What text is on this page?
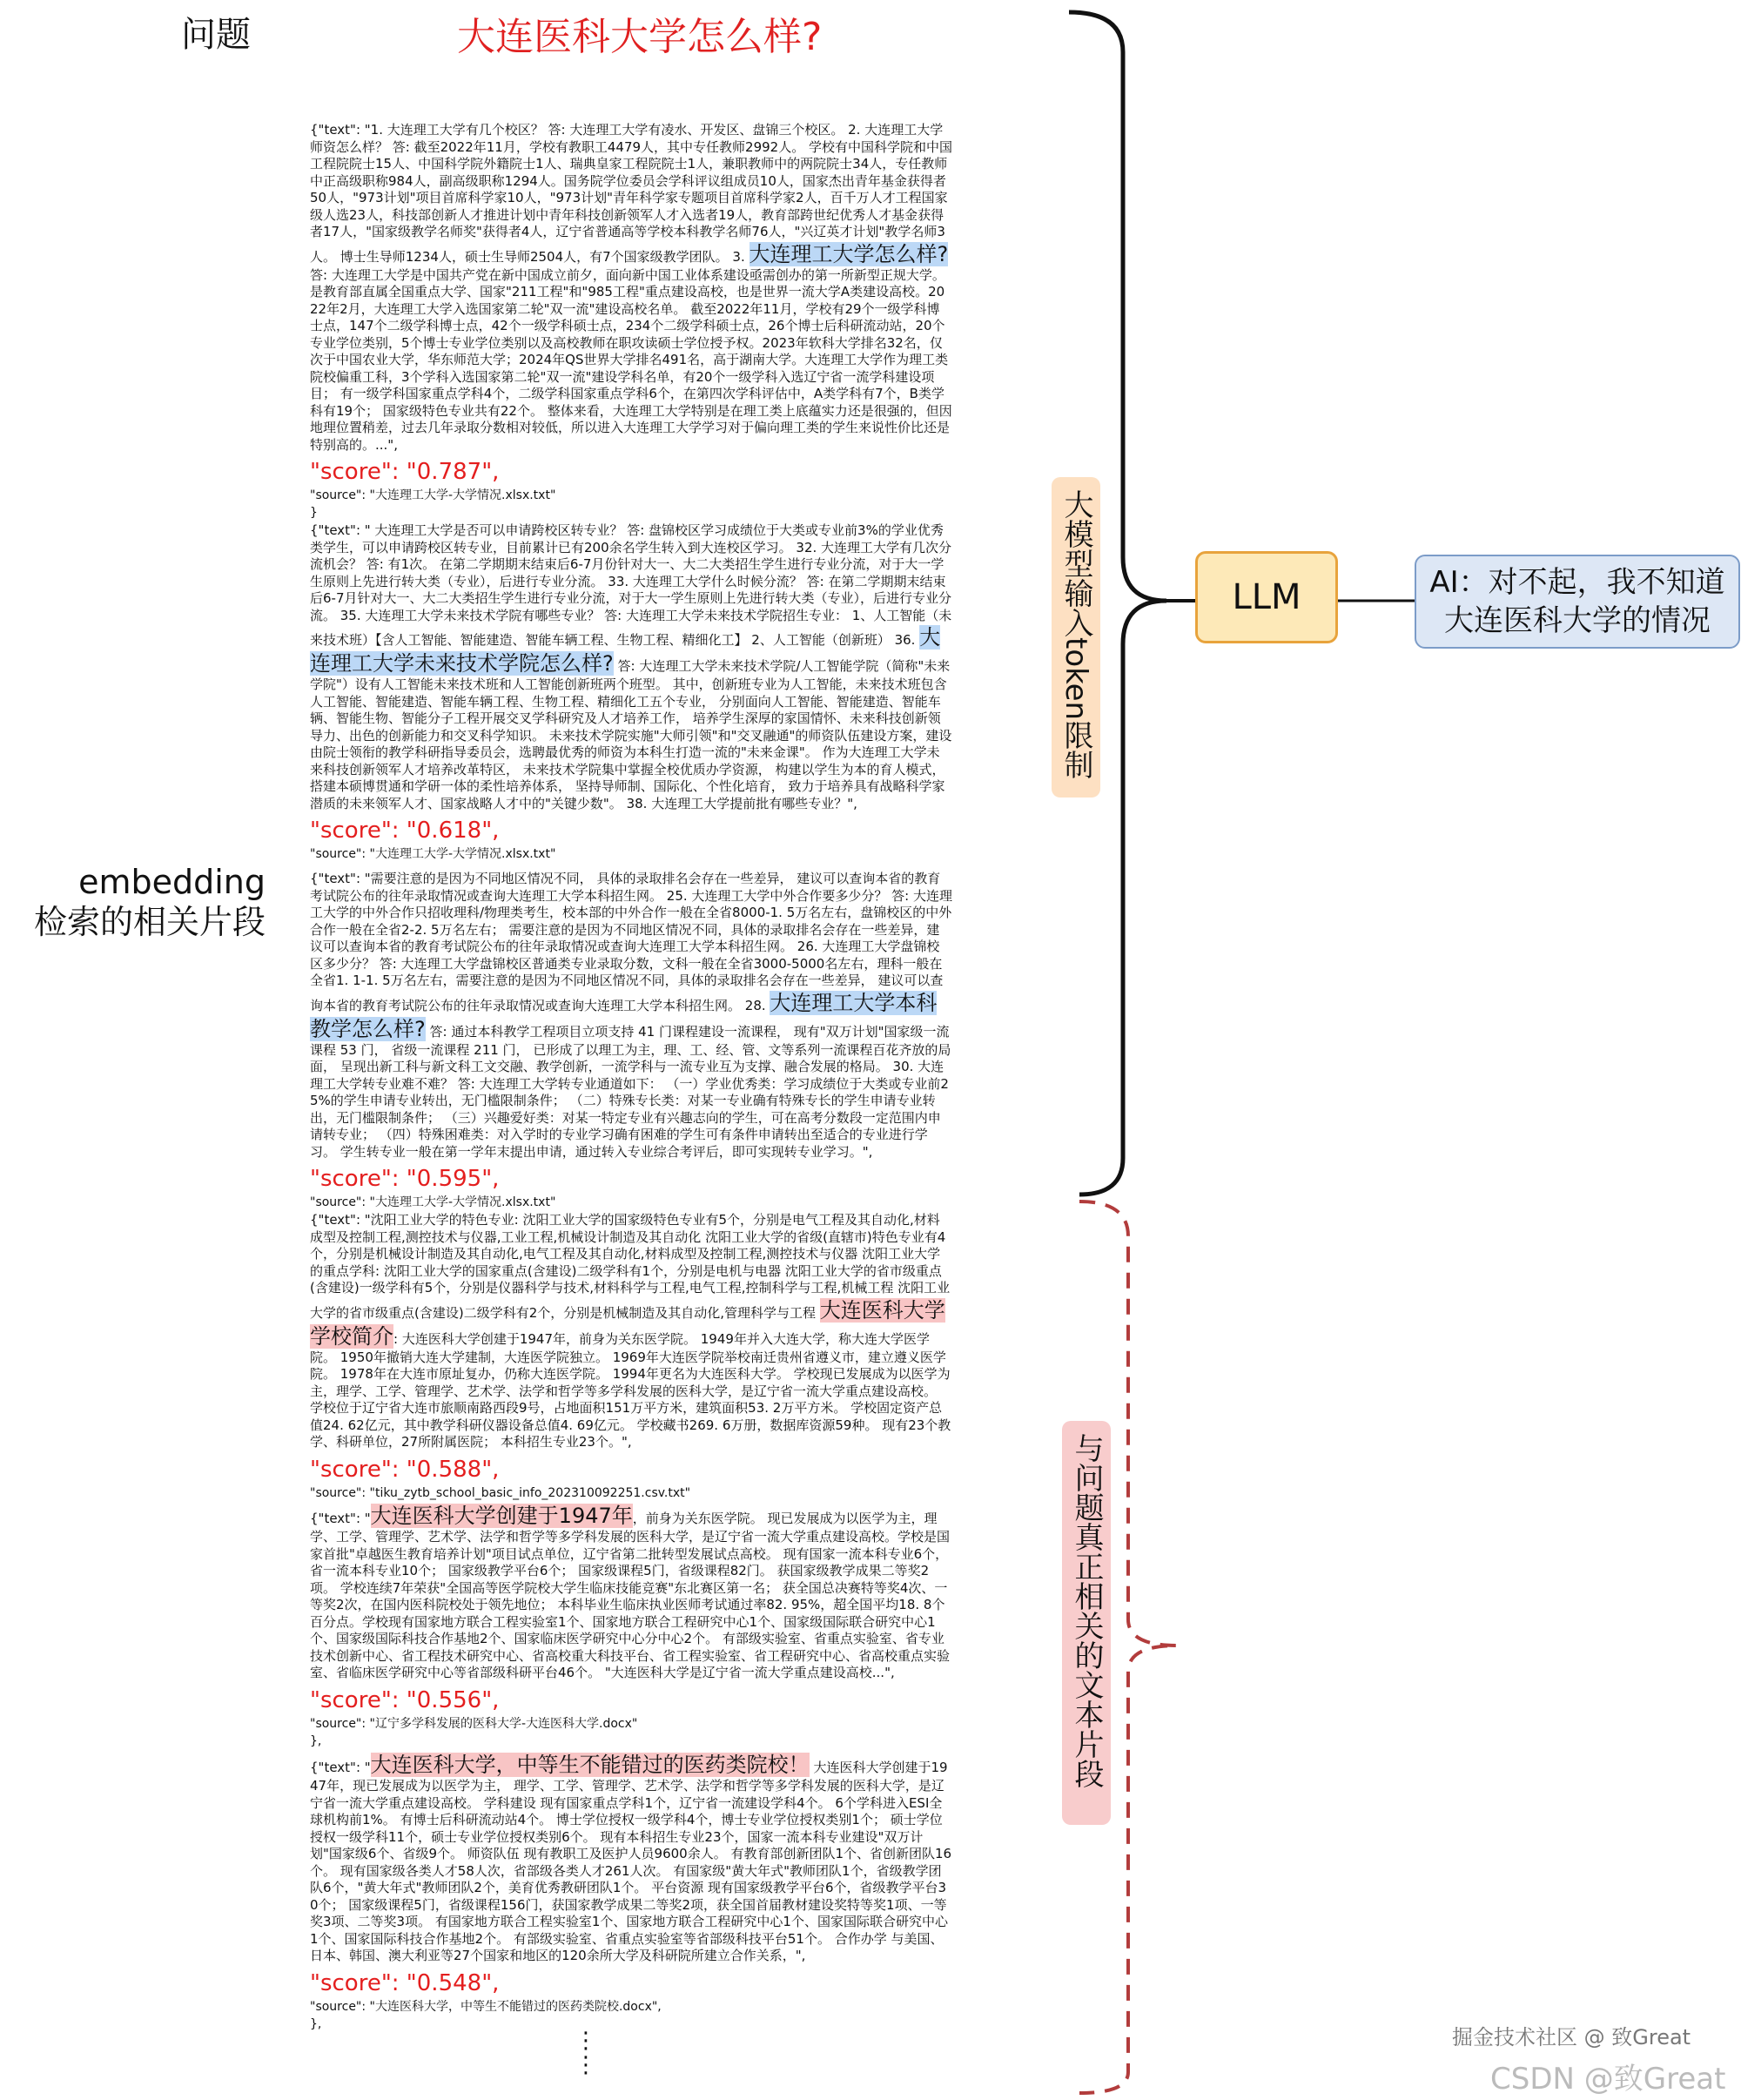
问题	大连医科大学怎么样?
embedding
检索的相关片段
{"text": "1. 大连理工大学有几个校区？ 答: 大连理工大学有凌水、开发区、盘锦三个校区。 2. 大连理工大学师资怎么样？ 答: 截至2022年11月，学校有教职工4479人，其中专任教师2992人。 学校有中国科学院和中国工程院院士15人、中国科学院外籍院士1人、瑞典皇家工程院院士1人，兼职教师中的两院院士34人，专任教师中正高级职称984人，副高级职称1294人。国务院学位委员会学科评议组成员10人，国家杰出青年基金获得者50人，"973计划"项目首席科学家10人，"973计划"青年科学家专题项目首席科学家2人，百千万人才工程国家级人选23人，科技部创新人才推进计划中青年科技创新领军人才入选者19人，教育部跨世纪优秀人才基金获得者17人，"国家级教学名师奖"获得者4人，辽宁省普通高等学校本科教学名师76人，"兴辽英才计划"教学名师3人。 博士生导师1234人，硕士生导师2504人，有7个国家级教学团队。 3. 大连理工大学怎么样? 答: 大连理工大学是中国共产党在新中国成立前夕，面向新中国工业体系建设亟需创办的第一所新型正规大学。 是教育部直属全国重点大学、国家"211工程"和"985工程"重点建设高校，也是世界一流大学A类建设高校。2022年2月，大连理工大学入选国家第二轮"双一流"建设高校名单。 截至2022年11月，学校有29个一级学科博士点，147个二级学科博士点，42个一级学科硕士点，234个二级学科硕士点，26个博士后科研流动站，20个专业学位类别，5个博士专业学位类别以及高校教师在职攻读硕士学位授予权。2023年软科大学排名32名，仅次于中国农业大学，华东师范大学；2024年QS世界大学排名491名，高于湖南大学。大连理工大学作为理工类院校偏重工科，3个学科入选国家第二轮"双一流"建设学科名单，有20个一级学科入选辽宁省一流学科建设项目； 有一级学科国家重点学科4个，二级学科国家重点学科6个，在第四次学科评估中，A类学科有7个，B类学科有19个； 国家级特色专业共有22个。 整体来看，大连理工大学特别是在理工类上底蕴实力还是很强的，但因地理位置稍差，过去几年录取分数相对较低，所以进入大连理工大学学习对于偏向理工类的学生来说性价比还是特别高的。...",
"score": "0.787",
"source": "大连理工大学-大学情况.xlsx.txt"
}
{"text": " 大连理工大学是否可以申请跨校区转专业？ 答: 盘锦校区学习成绩位于大类或专业前3%的学业优秀类学生，可以申请跨校区转专业，目前累计已有200余名学生转入到大连校区学习。 32. 大连理工大学有几次分流机会？ 答: 有1次。 在第二学期期末结束后6-7月份针对大一、大二大类招生学生进行专业分流，对于大一学生原则上先进行转大类（专业），后进行专业分流。 33. 大连理工大学什么时候分流？ 答: 在第二学期期末结束后6-7月针对大一、大二大类招生学生进行专业分流，对于大一学生原则上先进行转大类（专业），后进行专业分流。 35. 大连理工大学未来技术学院有哪些专业？ 答: 大连理工大学未来技术学院招生专业： 1、人工智能（未来技术班）【含人工智能、智能建造、智能车辆工程、生物工程、精细化工】 2、人工智能（创新班） 36. 大连理工大学未来技术学院怎么样? 答: 大连理工大学未来技术学院/人工智能学院（简称"未来学院"）设有人工智能未来技术班和人工智能创新班两个班型。 其中，创新班专业为人工智能，未来技术班包含人工智能、智能建造、智能车辆工程、生物工程、精细化工五个专业， 分别面向人工智能、智能建造、智能车辆、智能生物、智能分子工程开展交叉学科研究及人才培养工作， 培养学生深厚的家国情怀、未来科技创新领导力、出色的创新能力和交叉科学知识。 未来技术学院实施"大师引领"和"交叉融通"的师资队伍建设方案，建设由院士领衔的教学科研指导委员会，选聘最优秀的师资为本科生打造一流的"未来金课"。 作为大连理工大学未来科技创新领军人才培养改革特区， 未来技术学院集中掌握全校优质办学资源， 构建以学生为本的育人模式， 搭建本硕博贯通和学研一体的柔性培养体系， 坚持导师制、国际化、个性化培育， 致力于培养具有战略科学家潜质的未来领军人才、国家战略人才中的"关键少数"。 38. 大连理工大学提前批有哪些专业？",
"score": "0.618",
"source": "大连理工大学-大学情况.xlsx.txt"
{"text": "需要注意的是因为不同地区情况不同， 具体的录取排名会存在一些差异， 建议可以查询本省的教育考试院公布的往年录取情况或查询大连理工大学本科招生网。 25. 大连理工大学中外合作要多少分？ 答: 大连理工大学的中外合作只招收理科/物理类考生，校本部的中外合作一般在全省8000-1. 5万名左右，盘锦校区的中外合作一般在全省2-2. 5万名左右； 需要注意的是因为不同地区情况不同，具体的录取排名会存在一些差异，建议可以查询本省的教育考试院公布的往年录取情况或查询大连理工大学本科招生网。 26. 大连理工大学盘锦校区多少分？ 答: 大连理工大学盘锦校区普通类专业录取分数，文科一般在全省3000-5000名左右，理科一般在全省1. 1-1. 5万名左右，需要注意的是因为不同地区情况不同，具体的录取排名会存在一些差异， 建议可以查询本省的教育考试院公布的往年录取情况或查询大连理工大学本科招生网。 28. 大连理工大学本科教学怎么样? 答: 通过本科教学工程项目立项支持 41 门课程建设一流课程， 现有"双万计划"国家级一流课程 53 门， 省级一流课程 211 门， 已形成了以理工为主，理、工、经、管、文等系列一流课程百花齐放的局面， 呈现出新工科与新文科工文交融、教学创新，一流学科与一流专业互为支撑、融合发展的格局。 30. 大连理工大学转专业难不难？ 答: 大连理工大学转专业通道如下： （一）学业优秀类：学习成绩位于大类或专业前25%的学生申请专业转出，无门槛限制条件； （二）特殊专长类：对某一专业确有特殊专长的学生申请专业转出，无门槛限制条件； （三）兴趣爱好类：对某一特定专业有兴趣志向的学生，可在高考分数段一定范围内申请转专业； （四）特殊困难类：对入学时的专业学习确有困难的学生可有条件申请转出至适合的专业进行学习。 学生转专业一般在第一学年末提出申请，通过转入专业综合考评后，即可实现转专业学习。",
"score": "0.595",
"source": "大连理工大学-大学情况.xlsx.txt"
{"text": "沈阳工业大学的特色专业: 沈阳工业大学的国家级特色专业有5个，分别是电气工程及其自动化,材料成型及控制工程,测控技术与仪器,工业工程,机械设计制造及其自动化 沈阳工业大学的省级(直辖市)特色专业有4个，分别是机械设计制造及其自动化,电气工程及其自动化,材料成型及控制工程,测控技术与仪器 沈阳工业大学的重点学科: 沈阳工业大学的国家重点(含建设)二级学科有1个，分别是电机与电器 沈阳工业大学的省市级重点(含建设)一级学科有5个，分别是仪器科学与技术,材料科学与工程,电气工程,控制科学与工程,机械工程 沈阳工业大学的省市级重点(含建设)二级学科有2个，分别是机械制造及其自动化,管理科学与工程 大连医科大学学校简介: 大连医科大学创建于1947年，前身为关东医学院。 1949年并入大连大学，称大连大学医学院。 1950年撤销大连大学建制，大连医学院独立。 1969年大连医学院举校南迁贵州省遵义市，建立遵义医学院。 1978年在大连市原址复办，仍称大连医学院。 1994年更名为大连医科大学。 学校现已发展成为以医学为主，理学、工学、管理学、艺术学、法学和哲学等多学科发展的医科大学，是辽宁省一流大学重点建设高校。 学校位于辽宁省大连市旅顺南路西段9号，占地面积151万平方米，建筑面积53. 2万平方米。 学校固定资产总值24. 62亿元，其中教学科研仪器设备总值4. 69亿元。 学校藏书269. 6万册，数据库资源59种。 现有23个教学、科研单位，27所附属医院； 本科招生专业23个。",
"score": "0.588",
"source": "tiku_zytb_school_basic_info_202310092251.csv.txt"
{"text": "大连医科大学创建于1947年，前身为关东医学院。 现已发展成为以医学为主，理学、工学、管理学、艺术学、法学和哲学等多学科发展的医科大学，是辽宁省一流大学重点建设高校。学校是国家首批"卓越医生教育培养计划"项目试点单位，辽宁省第二批转型发展试点高校。 现有国家一流本科专业6个，省一流本科专业10个； 国家级教学平台6个； 国家级课程5门，省级课程82门。 获国家级教学成果二等奖2项。 学校连续7年荣获"全国高等医学院校大学生临床技能竞赛"东北赛区第一名； 获全国总决赛特等奖4次、一等奖2次，在国内医科院校处于领先地位； 本科毕业生临床执业医师考试通过率82. 95%，超全国平均18. 8个百分点。学校现有国家地方联合工程实验室1个、国家地方联合工程研究中心1个、国家级国际联合研究中心1个、国家级国际科技合作基地2个、国家临床医学研究中心分中心2个。 有部级实验室、省重点实验室、省专业技术创新中心、省工程技术研究中心、省高校重大科技平台、省工程实验室、省工程研究中心、省高校重点实验室、省临床医学研究中心等省部级科研平台46个。 "大连医科大学是辽宁省一流大学重点建设高校...",
"score": "0.556",
"source": "辽宁多学科发展的医科大学-大连医科大学.docx"
},
{"text": "大连医科大学，中等生不能错过的医药类院校！ 大连医科大学创建于1947年，现已发展成为以医学为主， 理学、工学、管理学、艺术学、法学和哲学等多学科发展的医科大学，是辽宁省一流大学重点建设高校。 学科建设 现有国家重点学科1个，辽宁省一流建设学科4个。 6个学科进入ESI全球机构前1%。 有博士后科研流动站4个。 博士学位授权一级学科4个，博士专业学位授权类别1个； 硕士学位授权一级学科11个，硕士专业学位授权类别6个。 现有本科招生专业23个，国家一流本科专业建设"双万计划"国家级6个、省级9个。 师资队伍 现有教职工及医护人员9600余人。 有教育部创新团队1个、省创新团队16个。 现有国家级各类人才58人次，省部级各类人才261人次。 有国家级"黄大年式"教师团队1个，省级教学团队6个，"黄大年式"教师团队2个，美育优秀教研团队1个。 平台资源 现有国家级教学平台6个，省级教学平台30个； 国家级课程5门，省级课程156门，获国家教学成果二等奖2项，获全国首届教材建设奖特等奖1项、一等奖3项、二等奖3项。 有国家地方联合工程实验室1个、国家地方联合工程研究中心1个、国家国际联合研究中心1个、国家国际科技合作基地2个。 有部级实验室、省重点实验室等省部级科技平台51个。 合作办学 与美国、日本、韩国、澳大利亚等27个国家和地区的120余所大学及科研院所建立合作关系，",
"score": "0.548",
"source": "大连医科大学，中等生不能错过的医药类院校.docx",
},
⋮
⋮
大模型输入token限制
与问题真正相关的文本片段
LLM	AI：对不起，我不知道
大连医科大学的情况
掘金技术社区 @ 致Great
CSDN @致Great
